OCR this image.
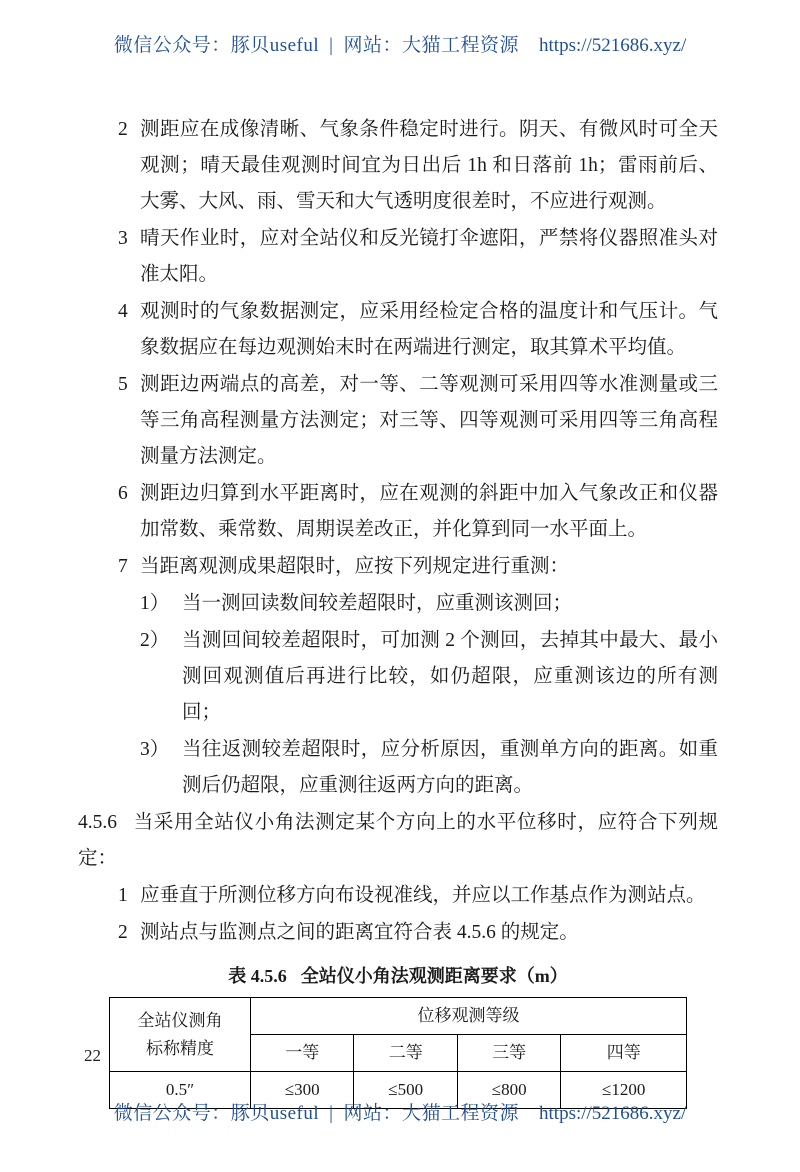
微信公众号：豚贝useful | 网站：大猫工程资源 https://521686.xyz/

2 测距应在成像清晰、气象条件稳定时进行。阴天、有微风时可全天观测；晴天最佳观测时间宜为日出后 1h 和日落前 1h；雷雨前后、大雾、大风、雨、雪天和大气透明度很差时，不应进行观测。

3 晴天作业时，应对全站仪和反光镜打伞遮阳，严禁将仪器照准头对准太阳。

4 观测时的气象数据测定，应采用经检定合格的温度计和气压计。气象数据应在每边观测始末时在两端进行测定，取其算术平均值。

5 测距边两端点的高差，对一等、二等观测可采用四等水准测量或三等三角高程测量方法测定；对三等、四等观测可采用四等三角高程测量方法测定。

6 测距边归算到水平距离时，应在观测的斜距中加入气象改正和仪器加常数、乘常数、周期误差改正，并化算到同一水平面上。

7 当距离观测成果超限时，应按下列规定进行重测：

1） 当一测回读数间较差超限时，应重测该测回；

2） 当测回间较差超限时，可加测 2 个测回，去掉其中最大、最小测回观测值后再进行比较，如仍超限，应重测该边的所有测回；

3） 当往返测较差超限时，应分析原因，重测单方向的距离。如重测后仍超限，应重测往返两方向的距离。

4.5.6 当采用全站仪小角法测定某个方向上的水平位移时，应符合下列规定：

1 应垂直于所测位移方向布设视准线，并应以工作基点作为测站点。

2 测站点与监测点之间的距离宜符合表 4.5.6 的规定。

表 4.5.6 全站仪小角法观测距离要求（m）
全站仪测角
标称精度	位移观测等级			
	一等	二等	三等	四等
0.5″	≤300	≤500	≤800	≤1200
22
微信公众号：豚贝useful | 网站：大猫工程资源 https://521686.xyz/
